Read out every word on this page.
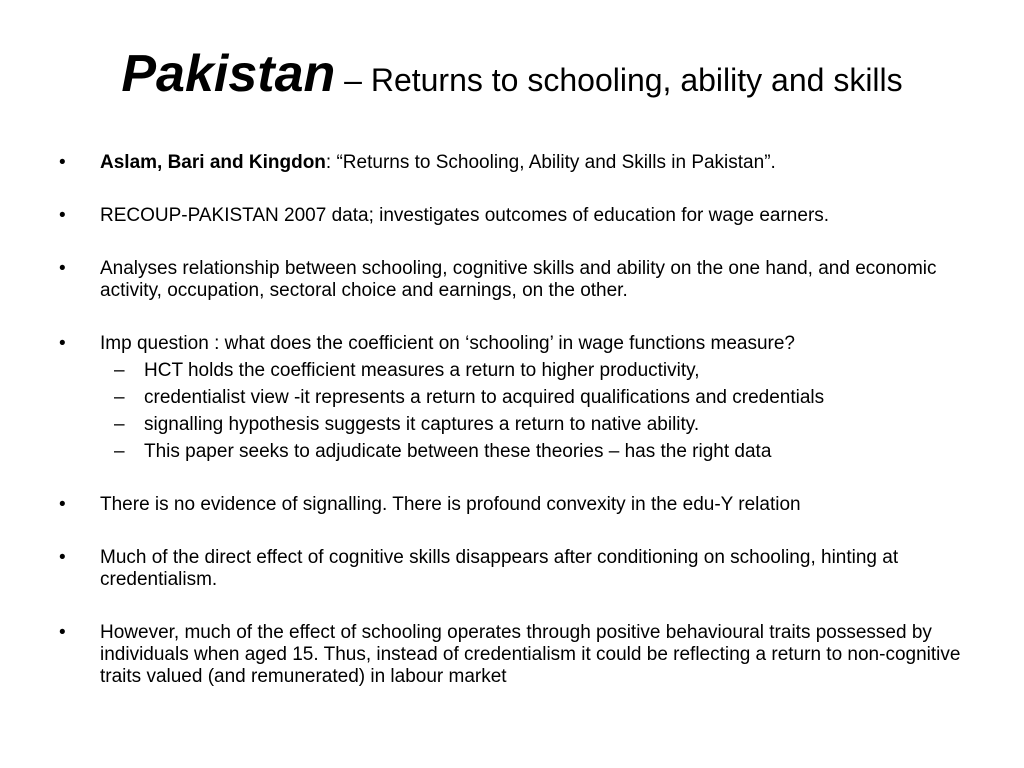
Pakistan – Returns to schooling, ability and skills
• Aslam, Bari and Kingdon: “Returns to Schooling, Ability and Skills in Pakistan”.
• RECOUP-PAKISTAN 2007 data; investigates outcomes of education for wage earners.
• Analyses relationship between schooling, cognitive skills and ability on the one hand, and economic activity, occupation, sectoral choice and earnings, on the other.
• Imp question : what does the coefficient on ‘schooling’ in wage functions measure?
– HCT holds the coefficient measures a return to higher productivity,
– credentialist view -it represents a return to acquired qualifications and credentials
– signalling hypothesis suggests it captures a return to native ability.
– This paper seeks to adjudicate between these theories – has the right data
• There is no evidence of signalling. There is profound convexity in the edu-Y relation
• Much of the direct effect of cognitive skills disappears after conditioning on schooling, hinting at credentialism.
• However, much of the effect of schooling operates through positive behavioural traits possessed by individuals when aged 15. Thus, instead of credentialism it could be reflecting a return to non-cognitive traits valued (and remunerated) in labour market
